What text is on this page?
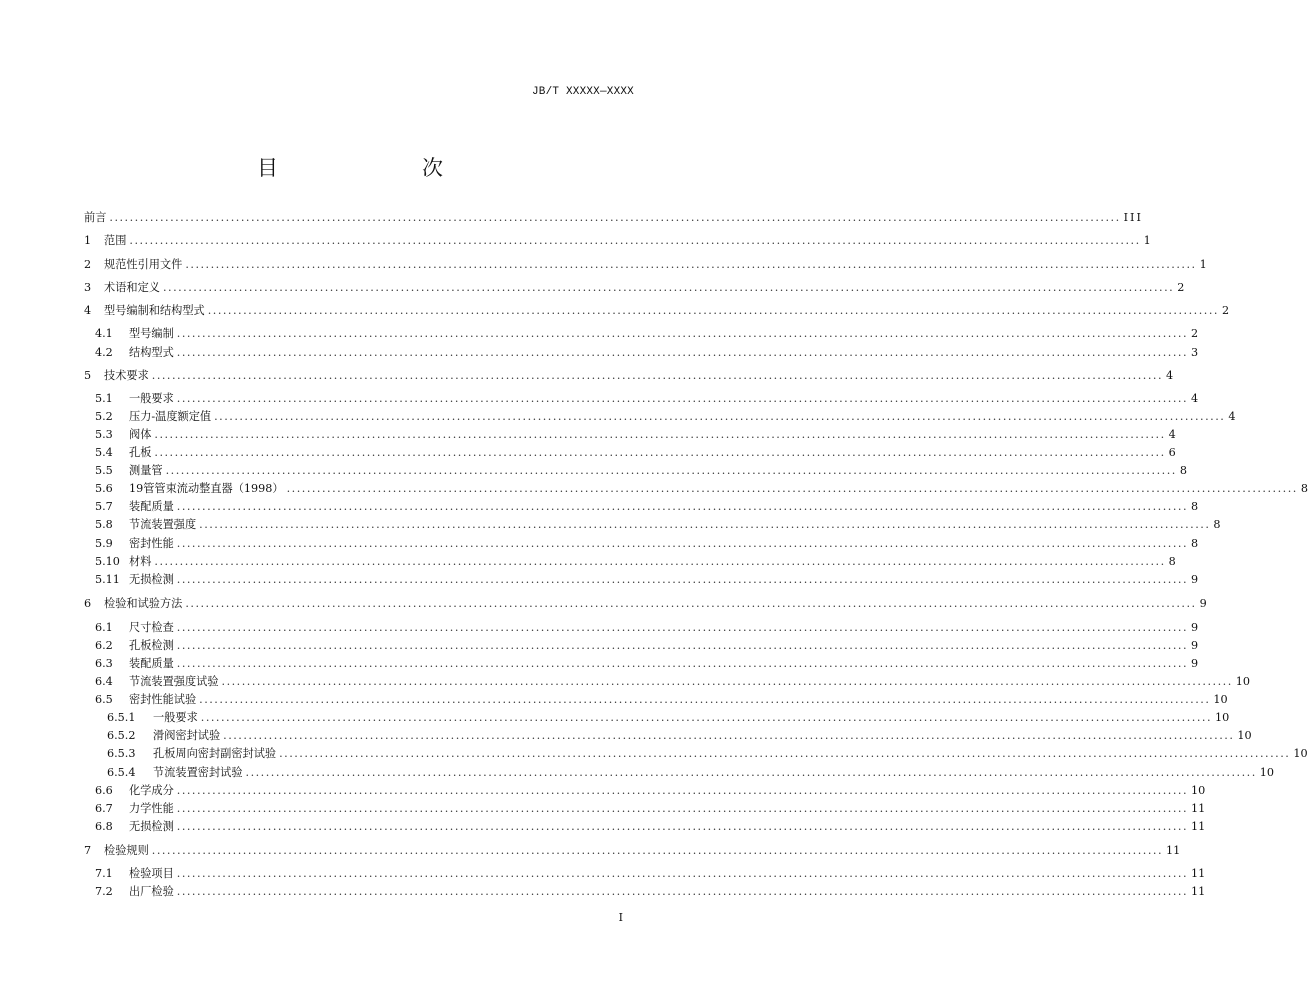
JB/T XXXXX—XXXX
目　　次
前言 ........................................................................................................................................................................................................ III
1	范围 ........................................................................................................................................................................................................ 1
2	规范性引用文件 ........................................................................................................................................................................................................ 1
3	术语和定义 ........................................................................................................................................................................................................ 2
4	型号编制和结构型式 ........................................................................................................................................................................................................ 2
4.1	型号编制 ........................................................................................................................................................................................................ 2
4.2	结构型式 ........................................................................................................................................................................................................ 3
5	技术要求 ........................................................................................................................................................................................................ 4
5.1	一般要求 ........................................................................................................................................................................................................ 4
5.2	压力-温度额定值 ........................................................................................................................................................................................................ 4
5.3	阀体 ........................................................................................................................................................................................................ 4
5.4	孔板 ........................................................................................................................................................................................................ 6
5.5	测量管 ........................................................................................................................................................................................................ 8
5.6	19管管束流动整直器（1998） ........................................................................................................................................................................................................ 8
5.7	装配质量 ........................................................................................................................................................................................................ 8
5.8	节流装置强度 ........................................................................................................................................................................................................ 8
5.9	密封性能 ........................................................................................................................................................................................................ 8
5.10 材料 ........................................................................................................................................................................................................ 8
5.11 无损检测 ........................................................................................................................................................................................................ 9
6	检验和试验方法 ........................................................................................................................................................................................................ 9
6.1	尺寸检查 ........................................................................................................................................................................................................ 9
6.2	孔板检测 ........................................................................................................................................................................................................ 9
6.3	装配质量 ........................................................................................................................................................................................................ 9
6.4	节流装置强度试验 ........................................................................................................................................................................................................ 10
6.5	密封性能试验 ........................................................................................................................................................................................................ 10
6.5.1	一般要求 ........................................................................................................................................................................................................ 10
6.5.2	滑阀密封试验 ........................................................................................................................................................................................................ 10
6.5.3	孔板周向密封副密封试验 ........................................................................................................................................................................................................ 10
6.5.4	节流装置密封试验 ........................................................................................................................................................................................................ 10
6.6	化学成分 ........................................................................................................................................................................................................ 10
6.7	力学性能 ........................................................................................................................................................................................................ 11
6.8	无损检测 ........................................................................................................................................................................................................ 11
7	检验规则 ........................................................................................................................................................................................................ 11
7.1	检验项目 ........................................................................................................................................................................................................ 11
7.2	出厂检验 ........................................................................................................................................................................................................ 11
I
